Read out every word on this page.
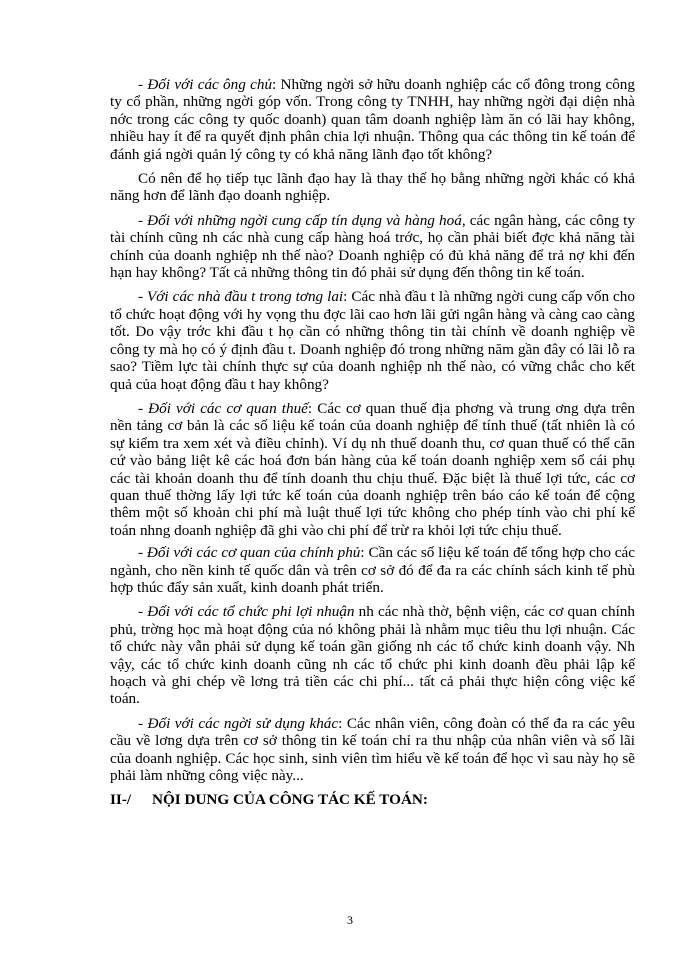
- Đối với các ông chủ: Những ngời sở hữu doanh nghiệp các cổ đông trong công ty cổ phần, những ngời góp vốn. Trong công ty TNHH, hay những ngời đại diện nhà nớc trong các công ty quốc doanh) quan tâm doanh nghiệp làm ăn có lãi hay không, nhiều hay ít để ra quyết định phân chia lợi nhuận. Thông qua các thông tin kế toán để đánh giá ngời quản lý công ty có khả năng lãnh đạo tốt không?

Có nên để họ tiếp tục lãnh đạo hay là thay thế họ bằng những ngời khác có khả năng hơn để lãnh đạo doanh nghiệp.

- Đối với những ngời cung cấp tín dụng và hàng hoá, các ngân hàng, các công ty tài chính cũng nh các nhà cung cấp hàng hoá trớc, họ cần phải biết đợc khả năng tài chính của doanh nghiệp nh thế nào? Doanh nghiệp có đủ khả năng để trả nợ khi đến hạn hay không? Tất cả những thông tin đó phải sử dụng đến thông tin kế toán.

- Với các nhà đầu t trong tơng lai: Các nhà đầu t là những ngời cung cấp vốn cho tổ chức hoạt động với hy vọng thu đợc lãi cao hơn lãi gửi ngân hàng và càng cao càng tốt. Do vậy trớc khi đầu t họ cần có những thông tin tài chính về doanh nghiệp về công ty mà họ có ý định đầu t. Doanh nghiệp đó trong những năm gần đây có lãi lỗ ra sao? Tiềm lực tài chính thực sự của doanh nghiệp nh thế nào, có vững chắc cho kết quả của hoạt động đầu t hay không?

- Đối với các cơ quan thuế: Các cơ quan thuế địa phơng và trung ơng dựa trên nền tảng cơ bản là các số liệu kế toán của doanh nghiệp để tính thuế (tất nhiên là có sự kiểm tra xem xét và điều chỉnh). Ví dụ nh thuế doanh thu, cơ quan thuế có thể căn cứ vào bảng liệt kê các hoá đơn bán hàng của kế toán doanh nghiệp xem sổ cái phụ các tài khoản doanh thu để tính doanh thu chịu thuế. Đặc biệt là thuế lợi tức, các cơ quan thuế thờng lấy lợi tức kế toán của doanh nghiệp trên báo cáo kế toán để cộng thêm một số khoản chi phí mà luật thuế lợi tức không cho phép tính vào chi phí kế toán nhng doanh nghiệp đã ghi vào chi phí để trừ ra khỏi lợi tức chịu thuế.

- Đối với các cơ quan của chính phủ: Cần các số liệu kế toán để tổng hợp cho các ngành, cho nền kinh tế quốc dân và trên cơ sở đó để đa ra các chính sách kinh tế phù hợp thúc đẩy sản xuất, kinh doanh phát triển.

- Đối với các tổ chức phi lợi nhuận nh các nhà thờ, bệnh viện, các cơ quan chính phủ, trờng học mà hoạt động của nó không phải là nhằm mục tiêu thu lợi nhuận. Các tổ chức này vẫn phải sử dụng kế toán gần giống nh các tổ chức kinh doanh vậy. Nh vậy, các tổ chức kinh doanh cũng nh các tổ chức phi kinh doanh đều phải lập kế hoạch và ghi chép về lơng trả tiền các chi phí... tất cả phải thực hiện công việc kế toán.

- Đối với các ngời sử dụng khác: Các nhân viên, công đoàn có thể đa ra các yêu cầu về lơng dựa trên cơ sở thông tin kế toán chỉ ra thu nhập của nhân viên và số lãi của doanh nghiệp. Các học sinh, sinh viên tìm hiểu về kế toán để học vì sau này họ sẽ phải làm những công việc này...

II-/ NỘI DUNG CỦA CÔNG TÁC KẾ TOÁN:

3
